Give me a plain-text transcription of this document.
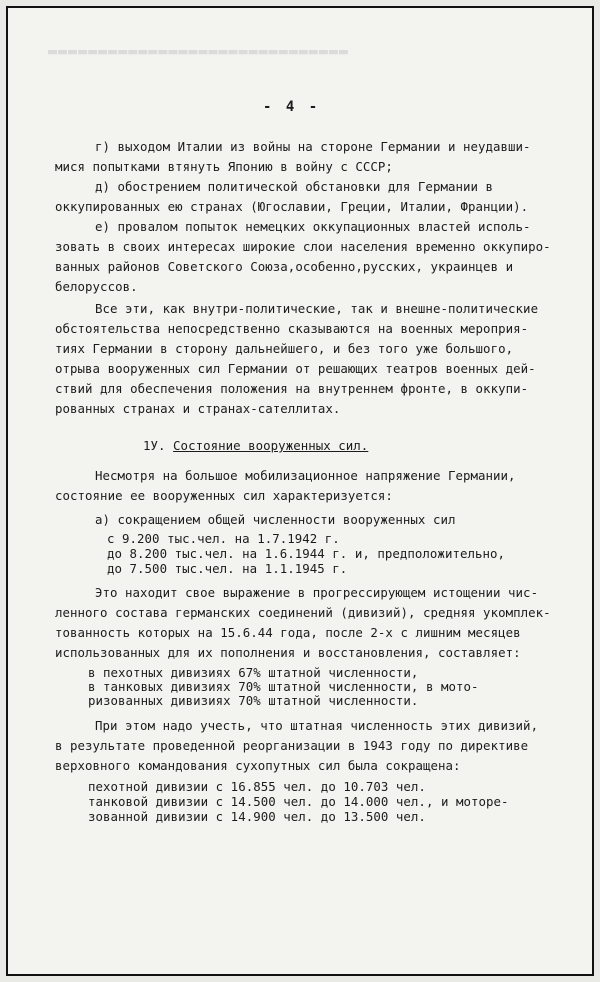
▬▬▬▬▬▬▬▬▬▬▬▬▬▬▬▬▬▬▬▬▬▬▬▬▬▬▬▬▬▬
- 4 -
г) выходом Италии из войны на стороне Германии и неудавши-
мися попытками втянуть Японию в войну с СССР;
д) обострением политической обстановки для Германии в
оккупированных ею странах (Югославии, Греции, Италии, Франции).
е) провалом попыток немецких оккупационных властей исполь-
зовать в своих интересах широкие слои населения временно оккупиро-
ванных районов Советского Союза,особенно,русских, украинцев и
белоруссов.
Все эти, как внутри-политические, так и внешне-политические
обстоятельства непосредственно сказываются на военных мероприя-
тиях Германии в сторону дальнейшего, и без того уже большого,
отрыва вооруженных сил Германии от решающих театров военных дей-
ствий для обеспечения положения на внутреннем фронте, в оккупи-
рованных странах и странах-сателлитах.
1У. Состояние вооруженных сил.
Несмотря на большое мобилизационное напряжение Германии,
состояние ее вооруженных сил характеризуется:
а) сокращением общей численности вооруженных сил
с 9.200 тыс.чел. на 1.7.1942 г.
до 8.200 тыс.чел. на 1.6.1944 г. и, предположительно,
до 7.500 тыс.чел. на 1.1.1945 г.
Это находит свое выражение в прогрессирующем истощении чис-
ленного состава германских соединений (дивизий), средняя укомплек-
тованность которых на 15.6.44 года, после 2-х с лишним месяцев
использованных для их пополнения и восстановления, составляет:
в пехотных дивизиях 67% штатной численности,
в танковых дивизиях 70% штатной численности, в мото-
ризованных дивизиях 70% штатной численности.
При этом надо учесть, что штатная численность этих дивизий,
в результате проведенной реорганизации в 1943 году по директиве
верховного командования сухопутных сил была сокращена:
пехотной дивизии с 16.855 чел. до 10.703 чел.
танковой дивизии с 14.500 чел. до 14.000 чел., и моторе-
зованной дивизии с 14.900 чел. до 13.500 чел.
